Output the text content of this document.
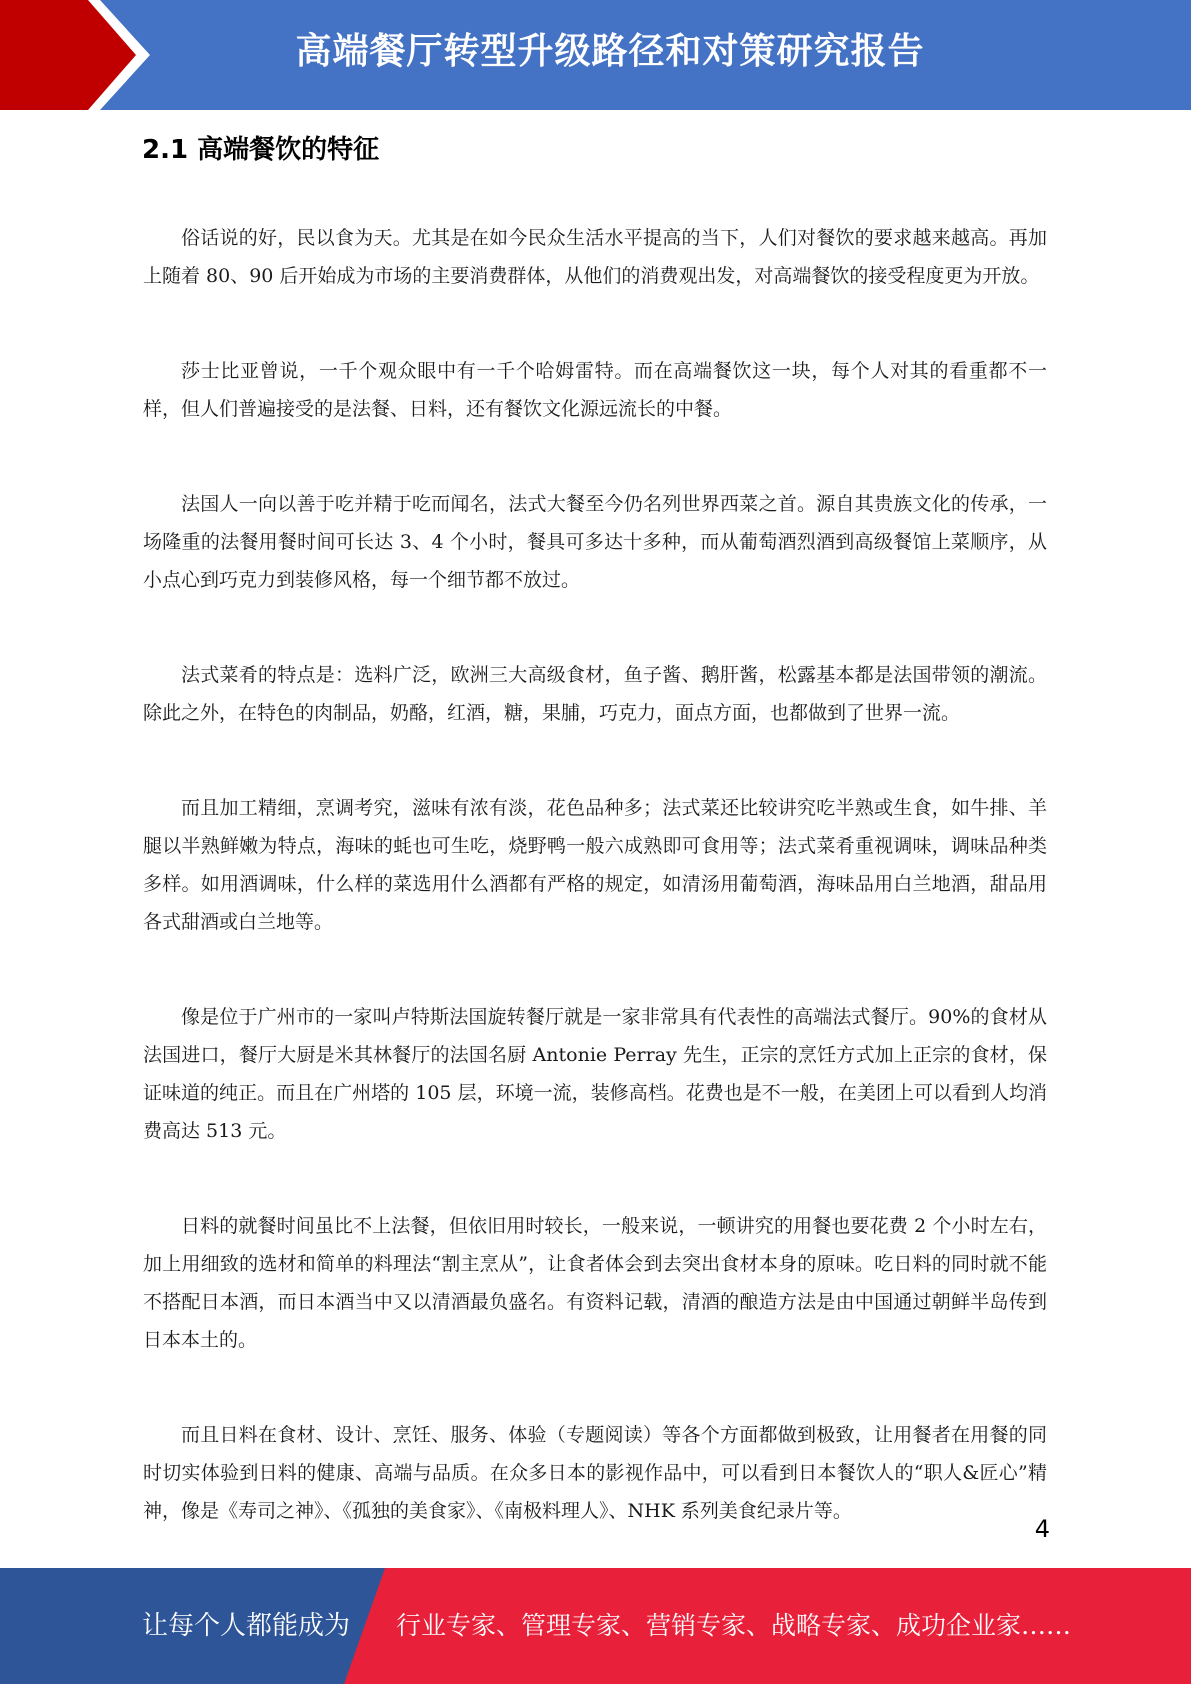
高端餐厅转型升级路径和对策研究报告
2.1 高端餐饮的特征

俗话说的好，民以食为天。尤其是在如今民众生活水平提高的当下，人们对餐饮的要求越来越高。再加上随着 80、90 后开始成为市场的主要消费群体，从他们的消费观出发，对高端餐饮的接受程度更为开放。

莎士比亚曾说，一千个观众眼中有一千个哈姆雷特。而在高端餐饮这一块，每个人对其的看重都不一样，但人们普遍接受的是法餐、日料，还有餐饮文化源远流长的中餐。

法国人一向以善于吃并精于吃而闻名，法式大餐至今仍名列世界西菜之首。源自其贵族文化的传承，一场隆重的法餐用餐时间可长达 3、4 个小时，餐具可多达十多种，而从葡萄酒烈酒到高级餐馆上菜顺序，从小点心到巧克力到装修风格，每一个细节都不放过。

法式菜肴的特点是：选料广泛，欧洲三大高级食材，鱼子酱、鹅肝酱，松露基本都是法国带领的潮流。除此之外，在特色的肉制品，奶酪，红酒，糖，果脯，巧克力，面点方面，也都做到了世界一流。

而且加工精细，烹调考究，滋味有浓有淡，花色品种多；法式菜还比较讲究吃半熟或生食，如牛排、羊腿以半熟鲜嫩为特点，海味的蚝也可生吃，烧野鸭一般六成熟即可食用等；法式菜肴重视调味，调味品种类多样。如用酒调味，什么样的菜选用什么酒都有严格的规定，如清汤用葡萄酒，海味品用白兰地酒，甜品用各式甜酒或白兰地等。

像是位于广州市的一家叫卢特斯法国旋转餐厅就是一家非常具有代表性的高端法式餐厅。90%的食材从法国进口，餐厅大厨是米其林餐厅的法国名厨 Antonie Perray 先生，正宗的烹饪方式加上正宗的食材，保证味道的纯正。而且在广州塔的 105 层，环境一流，装修高档。花费也是不一般，在美团上可以看到人均消费高达 513 元。

日料的就餐时间虽比不上法餐，但依旧用时较长，一般来说，一顿讲究的用餐也要花费 2 个小时左右，加上用细致的选材和简单的料理法“割主烹从”，让食者体会到去突出食材本身的原味。吃日料的同时就不能不搭配日本酒，而日本酒当中又以清酒最负盛名。有资料记载，清酒的酿造方法是由中国通过朝鲜半岛传到日本本土的。

而且日料在食材、设计、烹饪、服务、体验（专题阅读）等各个方面都做到极致，让用餐者在用餐的同时切实体验到日料的健康、高端与品质。在众多日本的影视作品中，可以看到日本餐饮人的“职人&匠心”精神，像是《寿司之神》、《孤独的美食家》、《南极料理人》、NHK 系列美食纪录片等。

4
让每个人都能成为 行业专家、管理专家、营销专家、战略专家、成功企业家……
